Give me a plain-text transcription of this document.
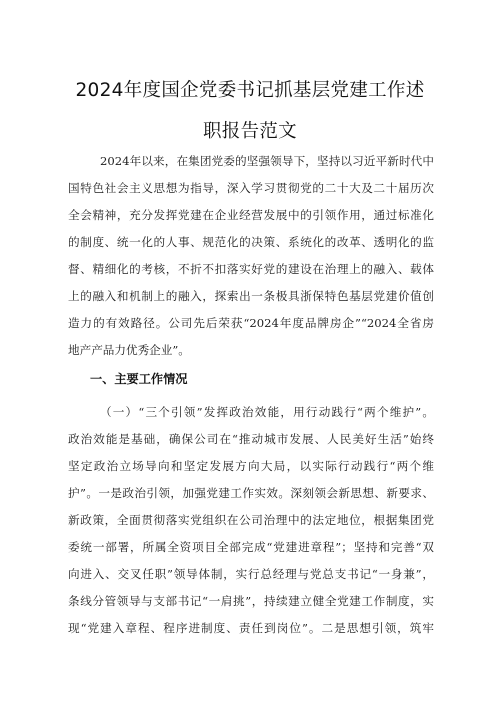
2024年度国企党委书记抓基层党建工作述
职报告范文
2024年以来，在集团党委的坚强领导下，坚持以习近平新时代中
国特色社会主义思想为指导，深入学习贯彻党的二十大及二十届历次
全会精神，充分发挥党建在企业经营发展中的引领作用，通过标准化
的制度、统一化的人事、规范化的决策、系统化的改革、透明化的监
督、精细化的考核，不折不扣落实好党的建设在治理上的融入、载体
上的融入和机制上的融入，探索出一条极具浙保特色基层党建价值创
造力的有效路径。公司先后荣获“2024年度品牌房企”“2024全省房
地产产品力优秀企业”。
一、主要工作情况
（一）“三个引领”发挥政治效能，用行动践行“两个维护”。
政治效能是基础，确保公司在“推动城市发展、人民美好生活”始终
坚定政治立场导向和坚定发展方向大局，以实际行动践行“两个维
护”。一是政治引领，加强党建工作实效。深刻领会新思想、新要求、
新政策，全面贯彻落实党组织在公司治理中的法定地位，根据集团党
委统一部署，所属全资项目全部完成“党建进章程”；坚持和完善“双
向进入、交叉任职”领导体制，实行总经理与党总支书记“一身兼”，
条线分管领导与支部书记“一肩挑”，持续建立健全党建工作制度，实
现“党建入章程、程序进制度、责任到岗位”。二是思想引领，筑牢
